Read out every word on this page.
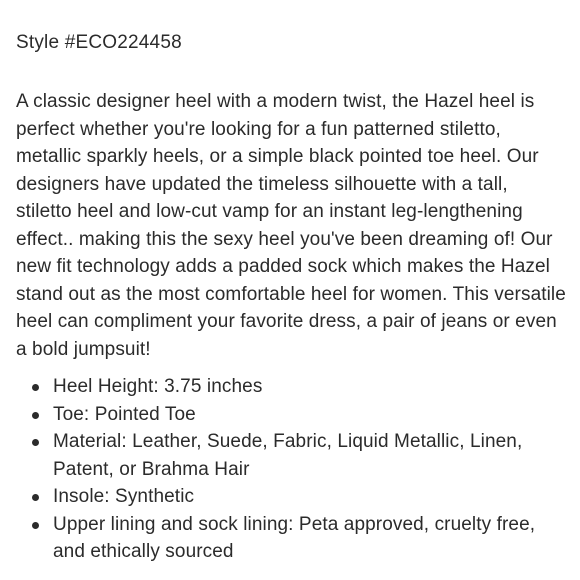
Style #ECO224458

A classic designer heel with a modern twist, the Hazel heel is perfect whether you're looking for a fun patterned stiletto, metallic sparkly heels, or a simple black pointed toe heel. Our designers have updated the timeless silhouette with a tall, stiletto heel and low-cut vamp for an instant leg-lengthening effect.. making this the sexy heel you've been dreaming of! Our new fit technology adds a padded sock which makes the Hazel stand out as the most comfortable heel for women. This versatile heel can compliment your favorite dress, a pair of jeans or even a bold jumpsuit!

Heel Height: 3.75 inches
Toe: Pointed Toe
Material: Leather, Suede, Fabric, Liquid Metallic, Linen, Patent, or Brahma Hair
Insole: Synthetic
Upper lining and sock lining: Peta approved, cruelty free, and ethically sourced
